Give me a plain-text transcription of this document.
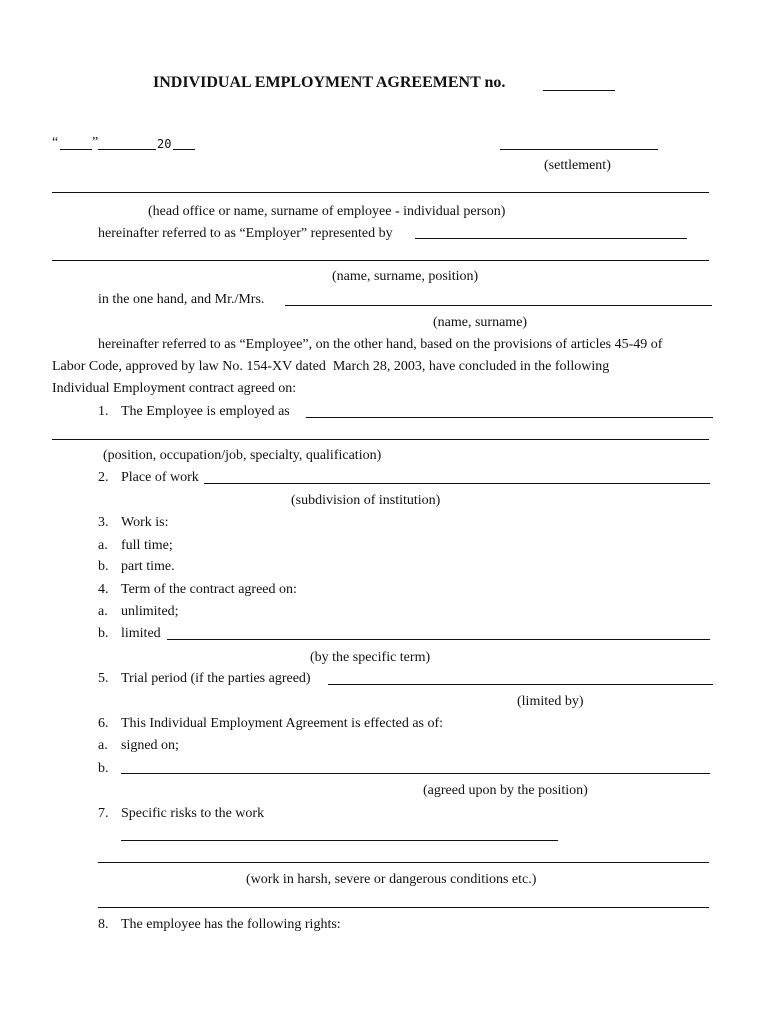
INDIVIDUAL EMPLOYMENT AGREEMENT no.
“ ”	20
(settlement)
(head office or name, surname of employee - individual person)
hereinafter referred to as “Employer” represented by
(name, surname, position)
in the one hand, and Mr./Mrs.
(name, surname)
hereinafter referred to as “Employee”, on the other hand, based on the provisions of articles 45-49 of
Labor Code, approved by law No. 154-XV dated  March 28, 2003, have concluded in the following
Individual Employment contract agreed on:
1. The Employee is employed as
(position, occupation/job, specialty, qualification)
2. Place of work
(subdivision of institution)
3. Work is:
a. full time;
b. part time.
4. Term of the contract agreed on:
a. unlimited;
b. limited
(by the specific term)
5. Trial period (if the parties agreed)
(limited by)
6. This Individual Employment Agreement is effected as of:
a. signed on;
b.
(agreed upon by the position)
7. Specific risks to the work
(work in harsh, severe or dangerous conditions etc.)
8. The employee has the following rights:
